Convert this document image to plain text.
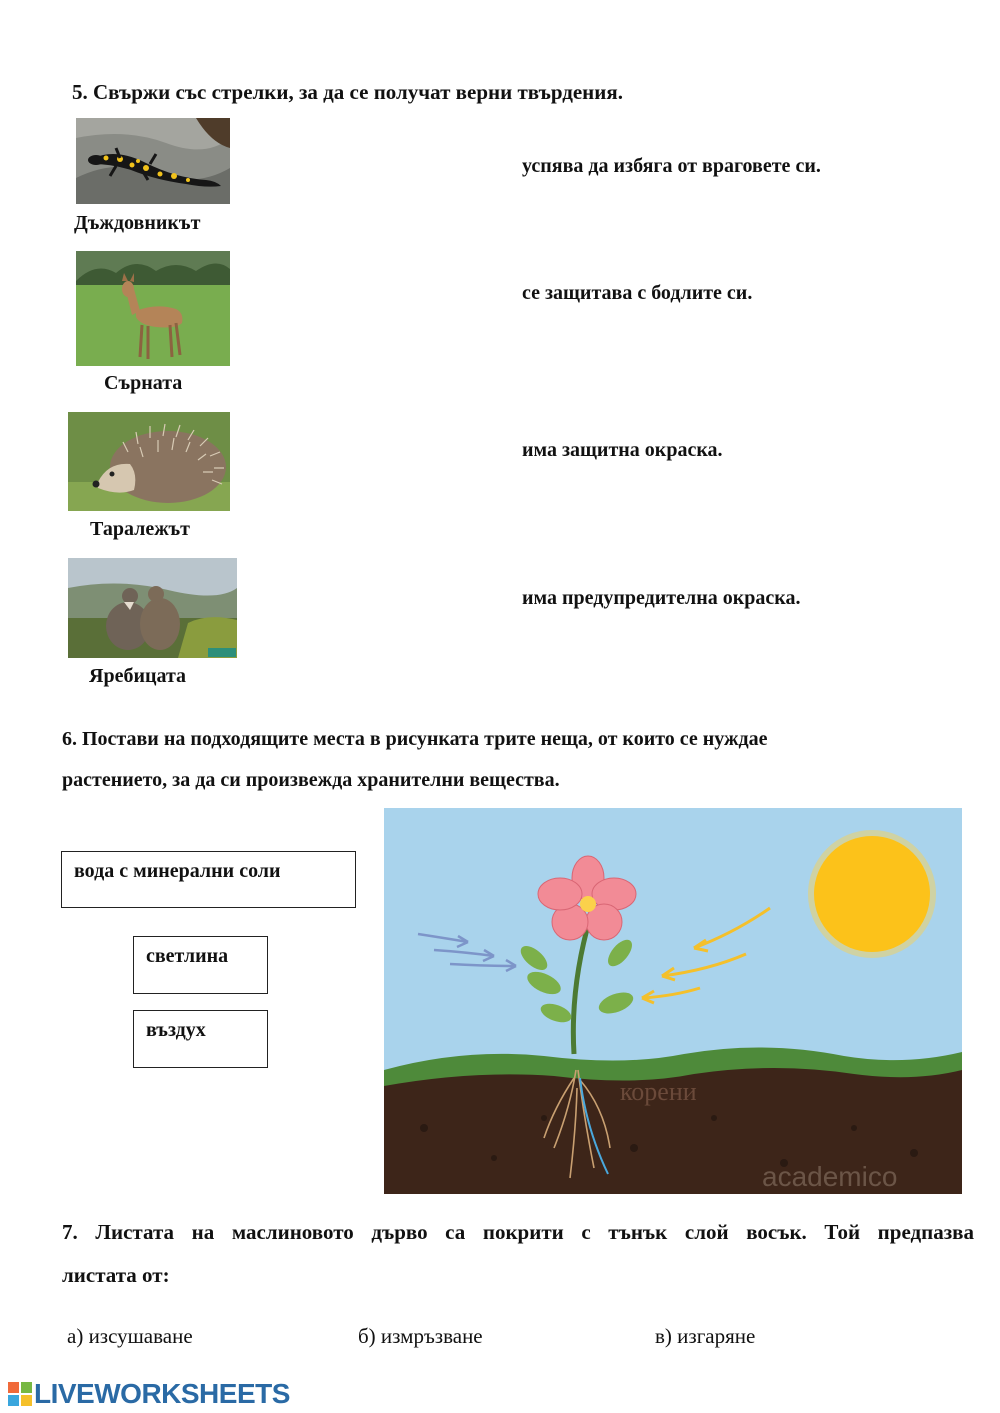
5. Свържи със стрелки, за да се получат верни твърдения.
Дъждовникът
Сърната
Таралежът
Яребицата
успява да избяга от враговете си.
се защитава с бодлите си.
има защитна окраска.
има предупредителна окраска.
6. Постави на подходящите места в рисунката трите неща, от които се нуждае
растението, за да си произвежда хранителни вещества.
вода с минерални соли
светлина
въздух
корени
academico
7. Листата на маслиновото дърво са покрити с тънък слой восък. Той предпазва
листата от:
а) изсушаване	б) измръзване	в) изгаряне
LIVEWORKSHEETS
